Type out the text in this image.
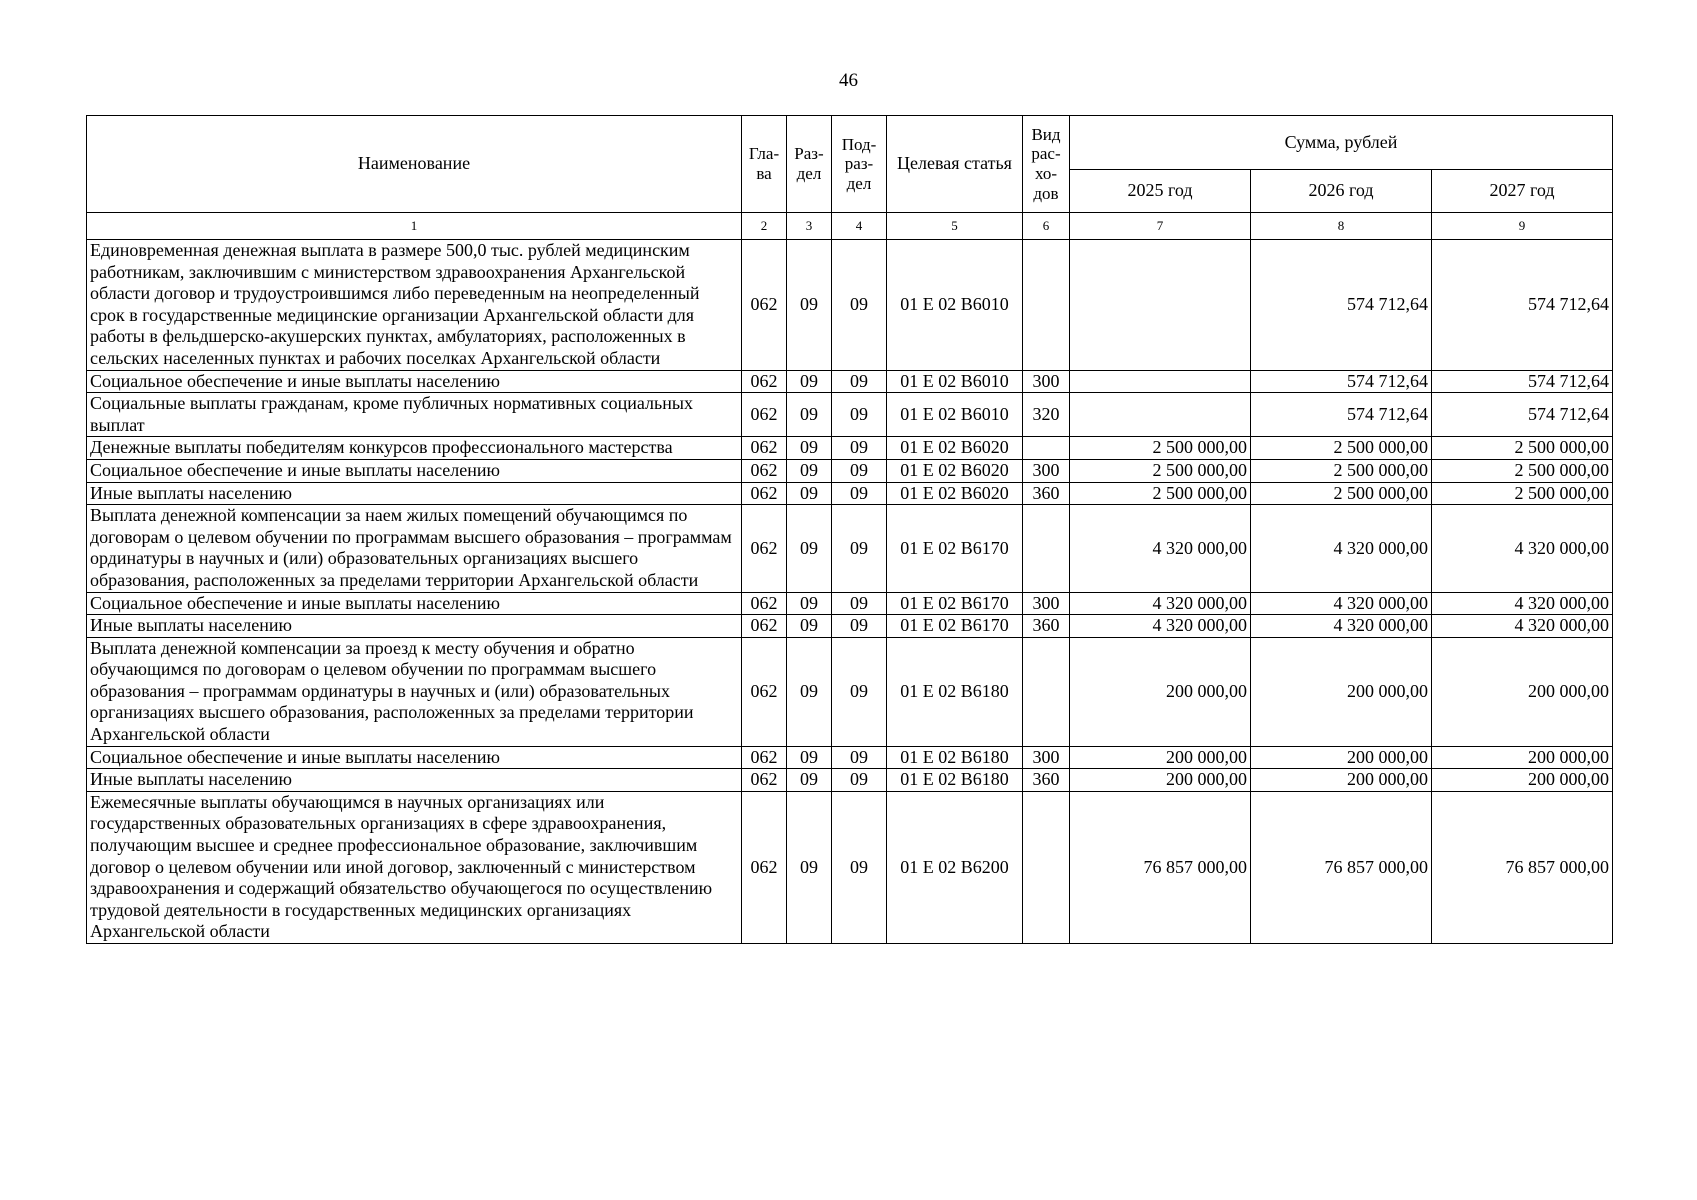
46
Наименование	Гла- ва	Раз- дел	Под- раз- дел	Целевая статья	Вид рас- хо- дов	Сумма, рублей		
						2025 год	2026 год	2027 год
1	2	3	4	5	6	7	8	9
Единовременная денежная выплата в размере 500,0 тыс. рублей медицинским работникам, заключившим с министерством здравоохранения Архангельской области договор и трудоустроившимся либо переведенным на неопределенный срок в государственные медицинские организации Архангельской области для работы в фельдшерско-акушерских пунктах, амбулаториях, расположенных в сельских населенных пунктах и рабочих поселках Архангельской области	062	09	09	01 Е 02 В6010			574 712,64	574 712,64
Социальное обеспечение и иные выплаты населению	062	09	09	01 Е 02 В6010	300		574 712,64	574 712,64
Социальные выплаты гражданам, кроме публичных нормативных социальных выплат	062	09	09	01 Е 02 В6010	320		574 712,64	574 712,64
Денежные выплаты победителям конкурсов профессионального мастерства	062	09	09	01 Е 02 В6020		2 500 000,00	2 500 000,00	2 500 000,00
Социальное обеспечение и иные выплаты населению	062	09	09	01 Е 02 В6020	300	2 500 000,00	2 500 000,00	2 500 000,00
Иные выплаты населению	062	09	09	01 Е 02 В6020	360	2 500 000,00	2 500 000,00	2 500 000,00
Выплата денежной компенсации за наем жилых помещений обучающимся по договорам о целевом обучении по программам высшего образования – программам ординатуры в научных и (или) образовательных организациях высшего образования, расположенных за пределами территории Архангельской области	062	09	09	01 Е 02 В6170		4 320 000,00	4 320 000,00	4 320 000,00
Социальное обеспечение и иные выплаты населению	062	09	09	01 Е 02 В6170	300	4 320 000,00	4 320 000,00	4 320 000,00
Иные выплаты населению	062	09	09	01 Е 02 В6170	360	4 320 000,00	4 320 000,00	4 320 000,00
Выплата денежной компенсации за проезд к месту обучения и обратно обучающимся по договорам о целевом обучении по программам высшего образования – программам ординатуры в научных и (или) образовательных организациях высшего образования, расположенных за пределами территории Архангельской области	062	09	09	01 Е 02 В6180		200 000,00	200 000,00	200 000,00
Социальное обеспечение и иные выплаты населению	062	09	09	01 Е 02 В6180	300	200 000,00	200 000,00	200 000,00
Иные выплаты населению	062	09	09	01 Е 02 В6180	360	200 000,00	200 000,00	200 000,00
Ежемесячные выплаты обучающимся в научных организациях или государственных образовательных организациях в сфере здравоохранения, получающим высшее и среднее профессиональное образование, заключившим договор о целевом обучении или иной договор, заключенный с министерством здравоохранения и содержащий обязательство обучающегося по осуществлению трудовой деятельности в государственных медицинских организациях Архангельской области	062	09	09	01 Е 02 В6200		76 857 000,00	76 857 000,00	76 857 000,00
